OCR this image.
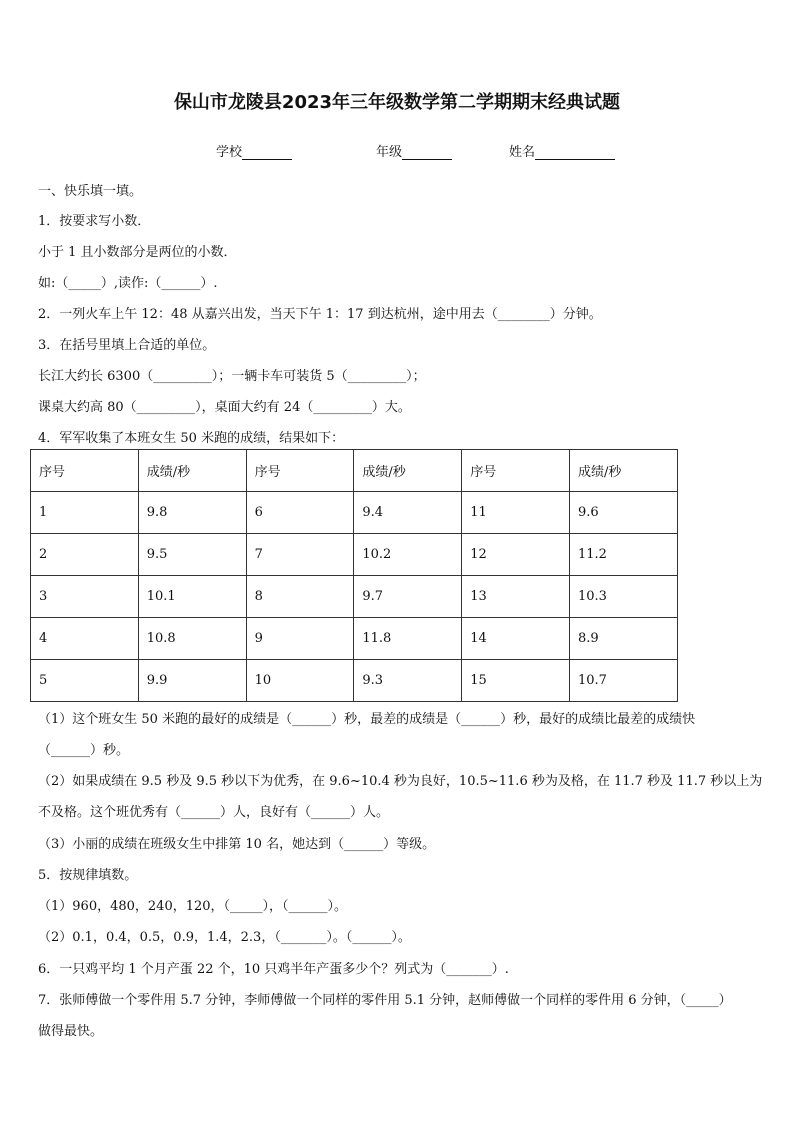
保山市龙陵县2023年三年级数学第二学期期末经典试题
学校	年级	姓名
一、快乐填一填。
1．按要求写小数．
小于 1 且小数部分是两位的小数．
如:（_____）,读作:（______）.
2．一列火车上午 12：48 从嘉兴出发，当天下午 1：17 到达杭州，途中用去（________）分钟。
3．在括号里填上合适的单位。
长江大约长 6300（_________）；一辆卡车可装货 5（_________）；
课桌大约高 80（_________），桌面大约有 24（_________）大。
4．军军收集了本班女生 50 米跑的成绩，结果如下：
序号	成绩/秒	序号	成绩/秒	序号	成绩/秒
1	9.8	6	9.4	11	9.6
2	9.5	7	10.2	12	11.2
3	10.1	8	9.7	13	10.3
4	10.8	9	11.8	14	8.9
5	9.9	10	9.3	15	10.7
（1）这个班女生 50 米跑的最好的成绩是（______）秒，最差的成绩是（______）秒，最好的成绩比最差的成绩快
（______）秒。
（2）如果成绩在 9.5 秒及 9.5 秒以下为优秀，在 9.6~10.4 秒为良好，10.5~11.6 秒为及格，在 11.7 秒及 11.7 秒以上为
不及格。这个班优秀有（______）人，良好有（______）人。
（3）小丽的成绩在班级女生中排第 10 名，她达到（______）等级。
5．按规律填数。
（1）960，480，240，120，（_____），（______）。
（2）0.1，0.4，0.5，0.9，1.4，2.3，（_______）。（______）。
6．一只鸡平均 1 个月产蛋 22 个，10 只鸡半年产蛋多少个？列式为（_______）.
7．张师傅做一个零件用 5.7 分钟，李师傅做一个同样的零件用 5.1 分钟，赵师傅做一个同样的零件用 6 分钟，（_____）
做得最快。
